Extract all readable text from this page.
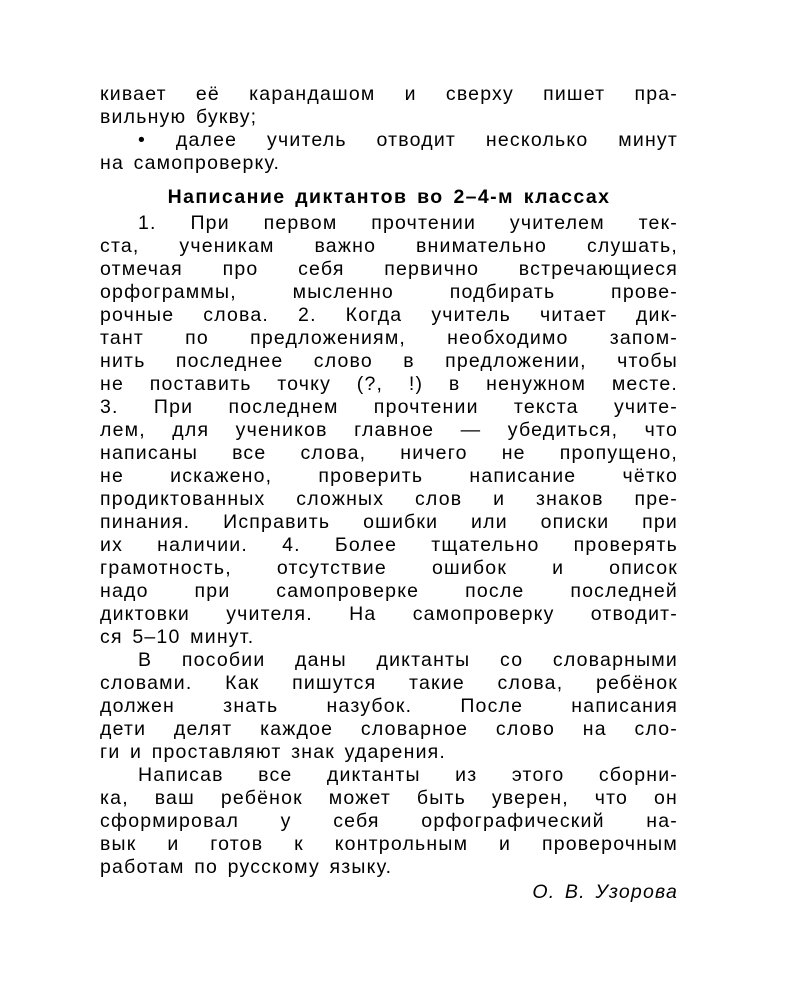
кивает её карандашом и сверху пишет пра-
вильную букву;
• далее учитель отводит несколько минут
на самопроверку.
Написание диктантов во 2–4-м классах
1. При первом прочтении учителем тек-
ста, ученикам важно внимательно слушать,
отмечая про себя первично встречающиеся
орфограммы, мысленно подбирать прове-
рочные слова. 2. Когда учитель читает дик-
тант по предложениям, необходимо запом-
нить последнее слово в предложении, чтобы
не поставить точку (?, !) в ненужном месте.
3. При последнем прочтении текста учите-
лем, для учеников главное — убедиться, что
написаны все слова, ничего не пропущено,
не искажено, проверить написание чётко
продиктованных сложных слов и знаков пре-
пинания. Исправить ошибки или описки при
их наличии. 4. Более тщательно проверять
грамотность, отсутствие ошибок и описок
надо при самопроверке после последней
диктовки учителя. На самопроверку отводит-
ся 5–10 минут.
В пособии даны диктанты со словарными
словами. Как пишутся такие слова, ребёнок
должен знать назубок. После написания
дети делят каждое словарное слово на сло-
ги и проставляют знак ударения.
Написав все диктанты из этого сборни-
ка, ваш ребёнок может быть уверен, что он
сформировал у себя орфографический на-
вык и готов к контрольным и проверочным
работам по русскому языку.
О. В. Узорова
